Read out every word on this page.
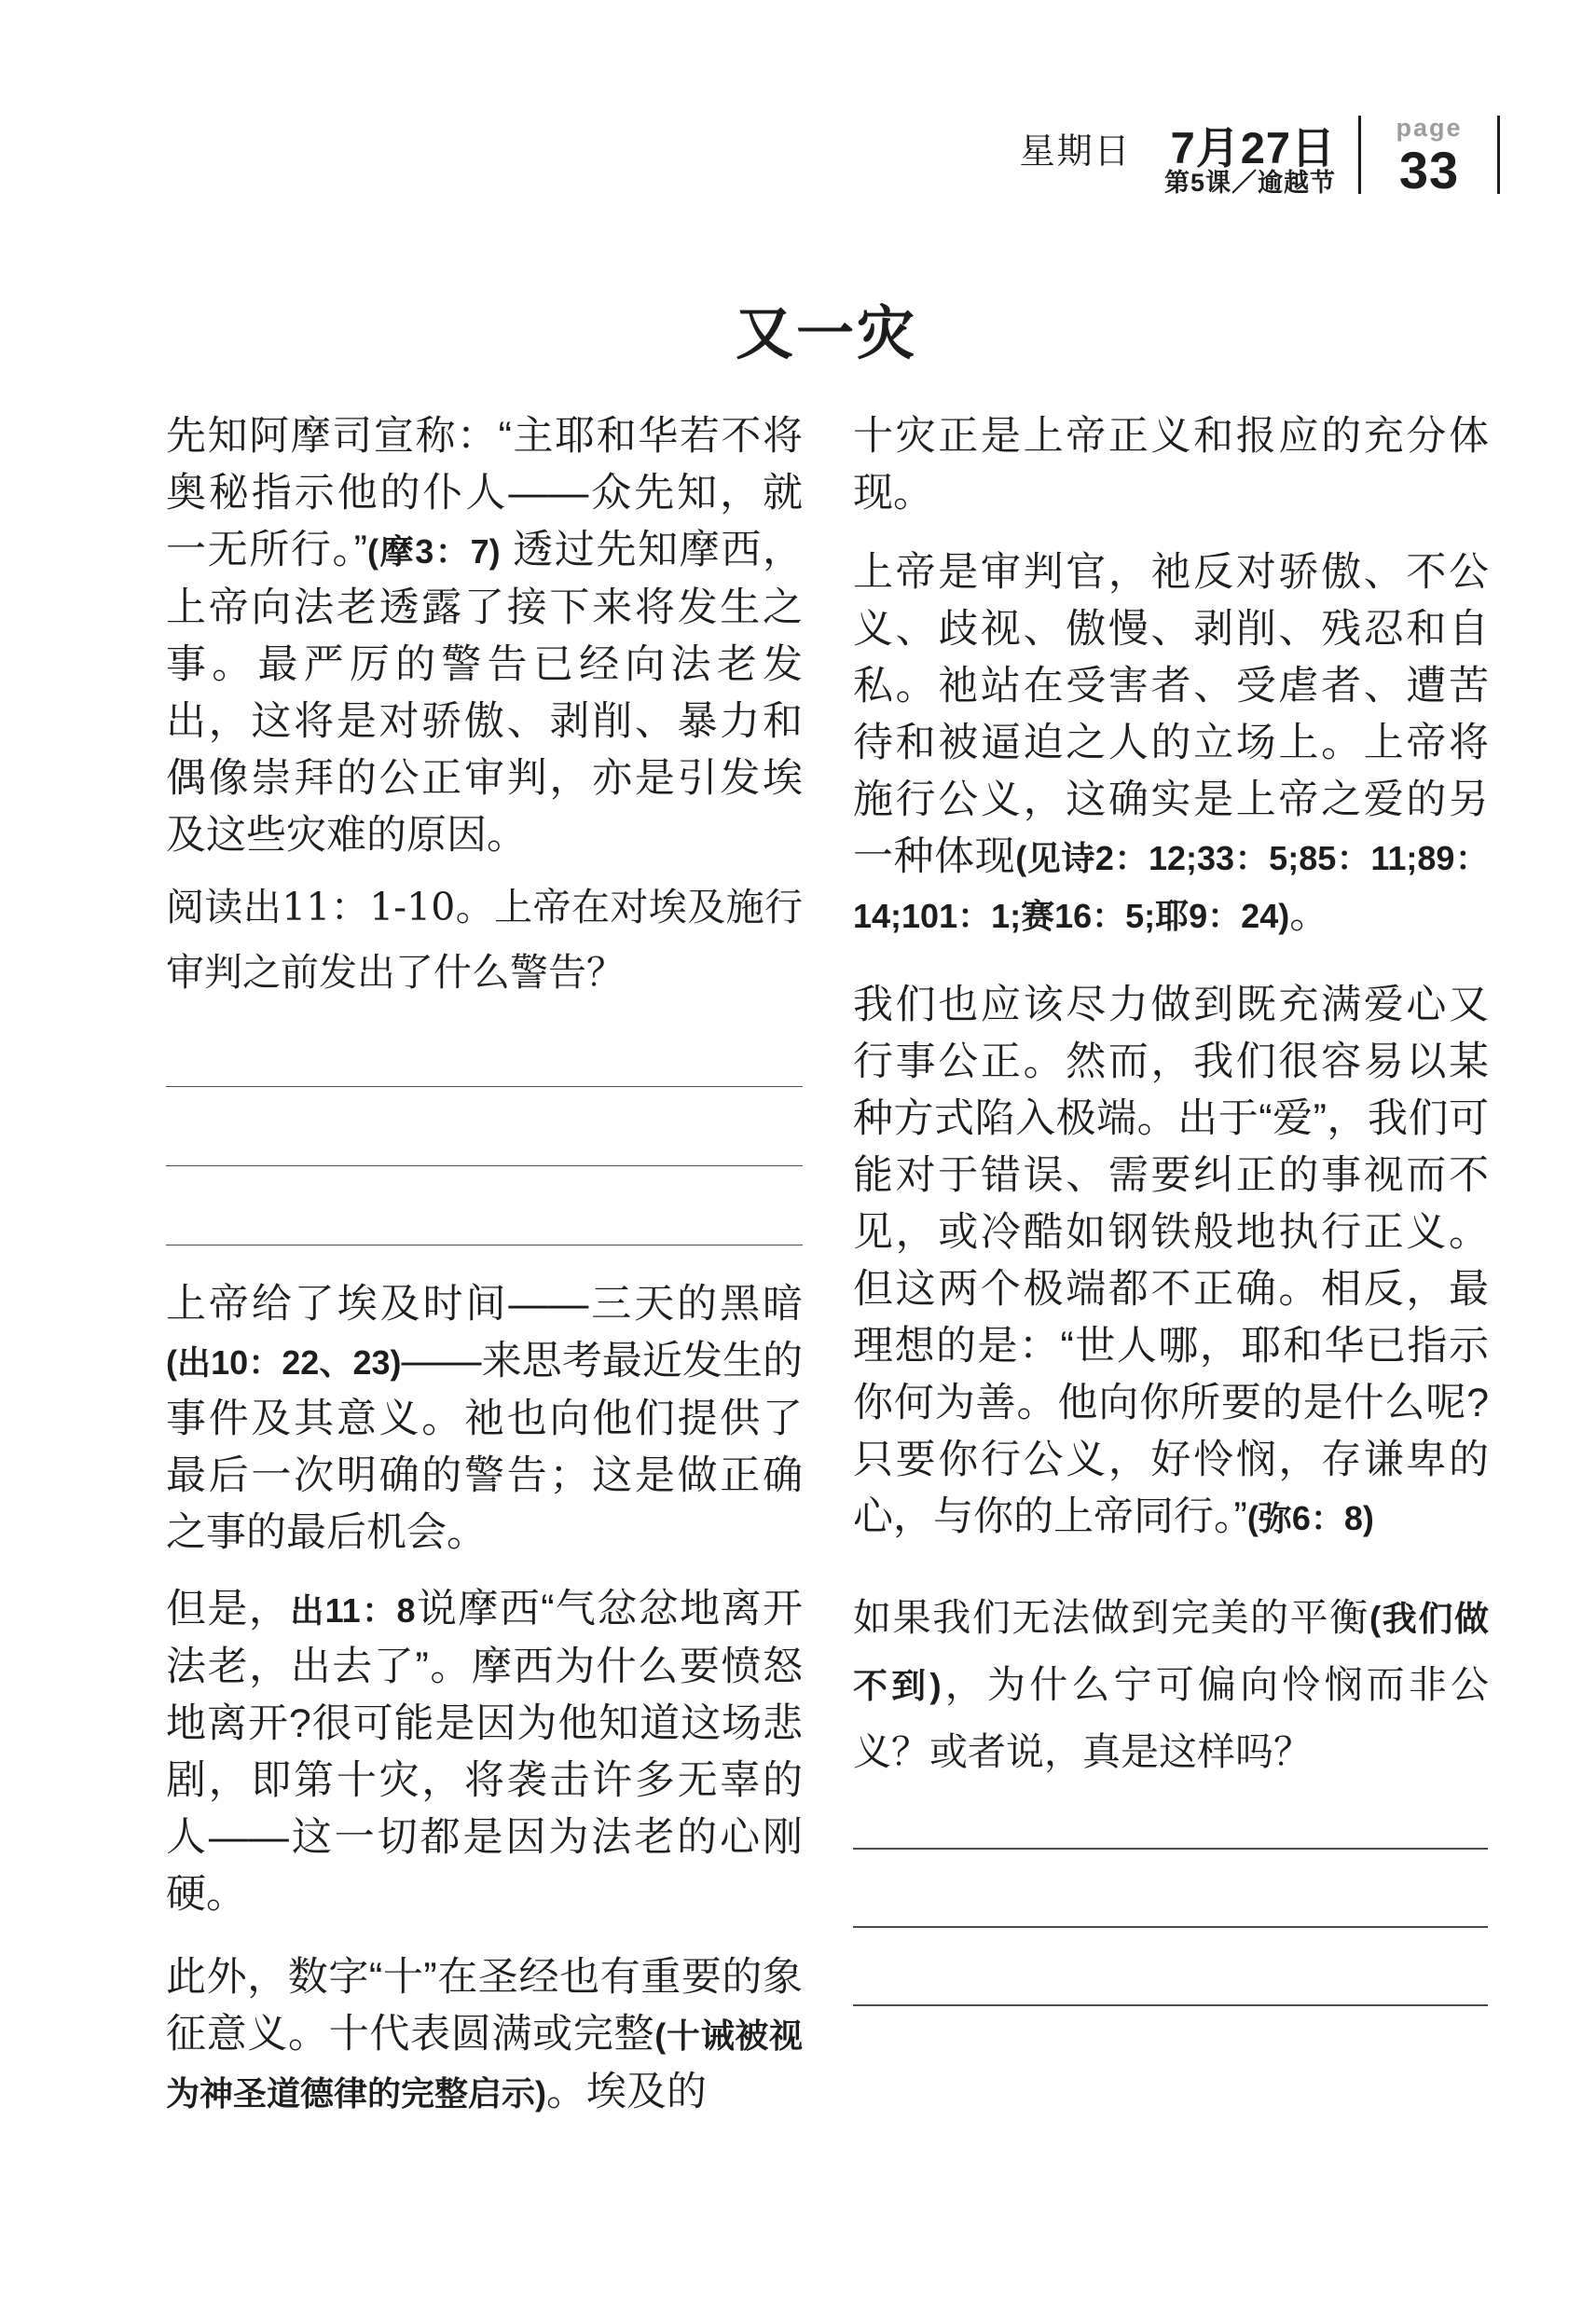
星期日 7月27日
第5课／逾越节
page
33
又一灾

先知阿摩司宣称：“主耶和华若不将奥秘指示他的仆人——众先知，就一无所行。”(摩3：7) 透过先知摩西，上帝向法老透露了接下来将发生之事。最严厉的警告已经向法老发出，这将是对骄傲、剥削、暴力和偶像崇拜的公正审判，亦是引发埃及这些灾难的原因。

阅读出11：1-10。上帝在对埃及施行审判之前发出了什么警告？

上帝给了埃及时间——三天的黑暗(出10：22、23)——来思考最近发生的事件及其意义。祂也向他们提供了最后一次明确的警告；这是做正确之事的最后机会。

但是，出11：8说摩西“气忿忿地离开法老，出去了”。摩西为什么要愤怒地离开?很可能是因为他知道这场悲剧，即第十灾，将袭击许多无辜的人——这一切都是因为法老的心刚硬。

此外，数字“十”在圣经也有重要的象征意义。十代表圆满或完整(十诫被视为神圣道德律的完整启示)。埃及的

十灾正是上帝正义和报应的充分体现。

上帝是审判官，祂反对骄傲、不公义、歧视、傲慢、剥削、残忍和自私。祂站在受害者、受虐者、遭苦待和被逼迫之人的立场上。上帝将施行公义，这确实是上帝之爱的另一种体现(见诗2：12;33：5;85：11;89：14;101：1;赛16：5;耶9：24)。

我们也应该尽力做到既充满爱心又行事公正。然而，我们很容易以某种方式陷入极端。出于“爱”，我们可能对于错误、需要纠正的事视而不见，或冷酷如钢铁般地执行正义。但这两个极端都不正确。相反，最理想的是：“世人哪，耶和华已指示你何为善。他向你所要的是什么呢?只要你行公义，好怜悯，存谦卑的心，与你的上帝同行。”(弥6：8)

如果我们无法做到完美的平衡(我们做不到)，为什么宁可偏向怜悯而非公义？或者说，真是这样吗？
